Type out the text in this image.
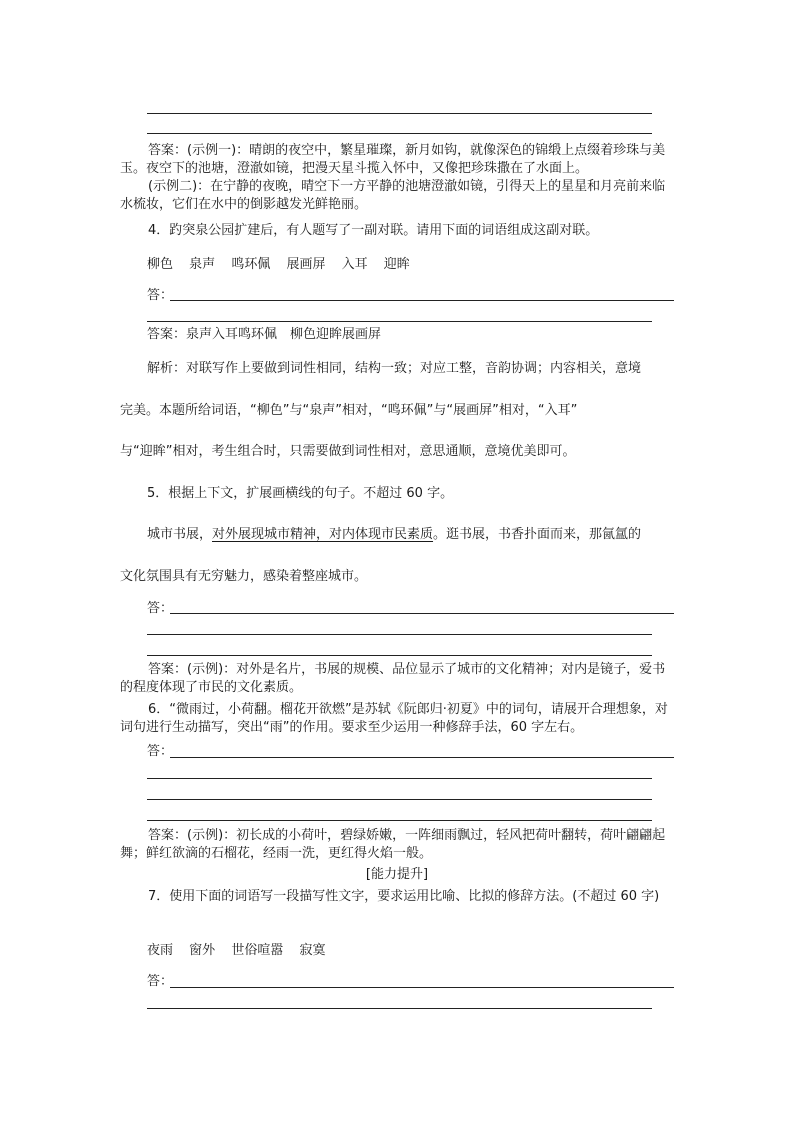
答案：(示例一)：晴朗的夜空中，繁星璀璨，新月如钩，就像深色的锦缎上点缀着珍珠与美玉。夜空下的池塘，澄澈如镜，把漫天星斗揽入怀中，又像把珍珠撒在了水面上。

(示例二)：在宁静的夜晚，晴空下一方平静的池塘澄澈如镜，引得天上的星星和月亮前来临水梳妆，它们在水中的倒影越发光鲜艳丽。

4．趵突泉公园扩建后，有人题写了一副对联。请用下面的词语组成这副对联。

柳色 泉声 鸣环佩 展画屏 入耳 迎眸
答：
答案：泉声入耳鸣环佩　柳色迎眸展画屏
解析：对联写作上要做到词性相同，结构一致；对应工整，音韵协调；内容相关，意境
完美。本题所给词语，“柳色”与“泉声”相对，“鸣环佩”与“展画屏”相对，“入耳”
与“迎眸”相对，考生组合时，只需要做到词性相对，意思通顺，意境优美即可。
5．根据上下文，扩展画横线的句子。不超过 60 字。
城市书展，对外展现城市精神，对内体现市民素质。逛书展，书香扑面而来，那氤氲的
文化氛围具有无穷魅力，感染着整座城市。
答：

答案：(示例)：对外是名片，书展的规模、品位显示了城市的文化精神；对内是镜子，爱书的程度体现了市民的文化素质。

6．“微雨过，小荷翻。榴花开欲燃”是苏轼《阮郎归·初夏》中的词句，请展开合理想象，对词句进行生动描写，突出“雨”的作用。要求至少运用一种修辞手法，60 字左右。

答：

答案：(示例)：初长成的小荷叶，碧绿娇嫩，一阵细雨飘过，轻风把荷叶翻转，荷叶翩翩起舞；鲜红欲滴的石榴花，经雨一洗，更红得火焰一般。

[能力提升]

7．使用下面的词语写一段描写性文字，要求运用比喻、比拟的修辞方法。(不超过 60 字)

夜雨 窗外 世俗喧嚣 寂寞
答：
